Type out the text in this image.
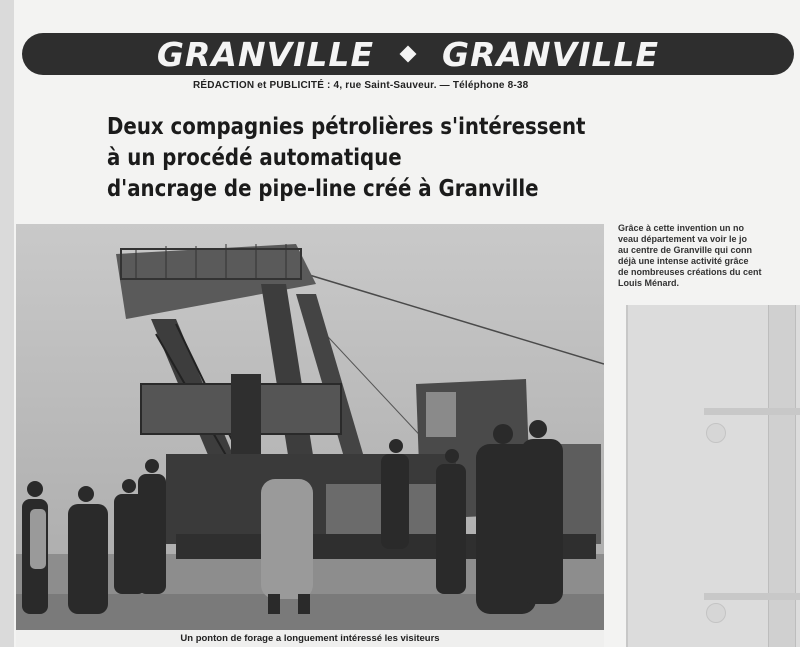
GRANVILLE GRANVILLE
RÉDACTION et PUBLICITÉ : 4, rue Saint-Sauveur. — Téléphone 8-38
Deux compagnies pétrolières s'intéressent
à un procédé automatique
d'ancrage de pipe-line créé à Granville
Un ponton de forage a longuement intéressé les visiteurs
Grâce à cette invention un no
veau département va voir le jo
au centre de Granville qui conn
déjà une intense activité grâce
de nombreuses créations du cent
Louis Ménard.
